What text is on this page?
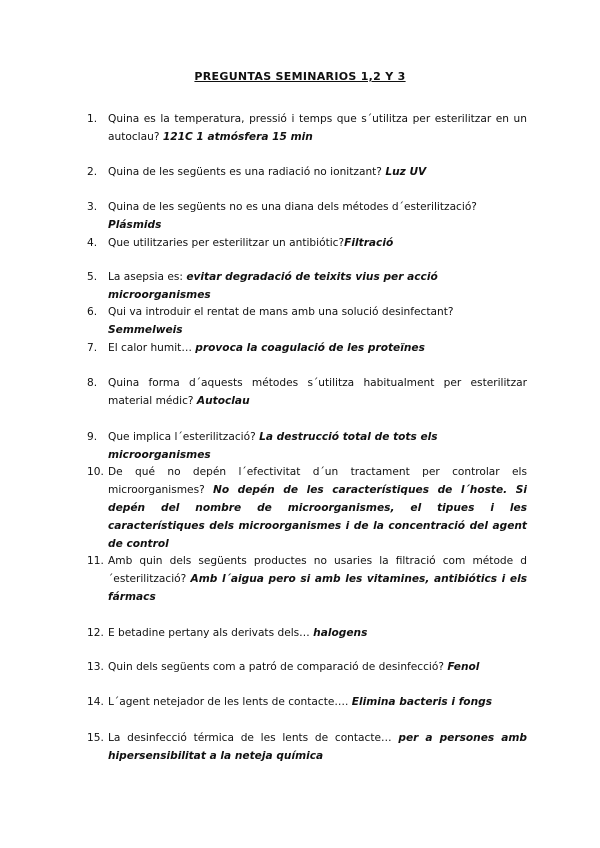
PREGUNTAS SEMINARIOS 1,2 Y 3
1. Quina es la temperatura, pressió i temps que s´utilitza per esterilitzar en un autoclau? 121C 1 atmósfera 15 min
2. Quina de les següents es una radiació no ionitzant? Luz UV
3. Quina de les següents no es una diana dels métodes d´esterilització? Plásmids
4. Que utilitzaries per esterilitzar un antibiótic?Filtració
5. La asepsia es: evitar degradació de teixits vius per acció microorganismes
6. Qui va introduir el rentat de mans amb una solució desinfectant? Semmelweis
7. El calor humit… provoca la coagulació de les proteïnes
8. Quina forma d´aquests métodes s´utilitza habitualment per esterilitzar material médic? Autoclau
9. Que implica l´esterilització? La destrucció total de tots els microorganismes
10. De qué no depén l´efectivitat d´un tractament per controlar els microorganismes? No depén de les característiques de l´hoste. Si depén del nombre de microorganismes, el tipues i les característiques dels microorganismes i de la concentració del agent de control
11. Amb quin dels següents productes no usaries la filtració com métode d´esterilització? Amb l´aigua pero si amb les vitamines, antibiótics i els fármacs
12. E betadine pertany als derivats dels… halogens
13. Quin dels següents com a patró de comparació de desinfecció? Fenol
14. L´agent netejador de les lents de contacte…. Elimina bacteris i fongs
15. La desinfecció térmica de les lents de contacte… per a persones amb hipersensibilitat a la neteja química
